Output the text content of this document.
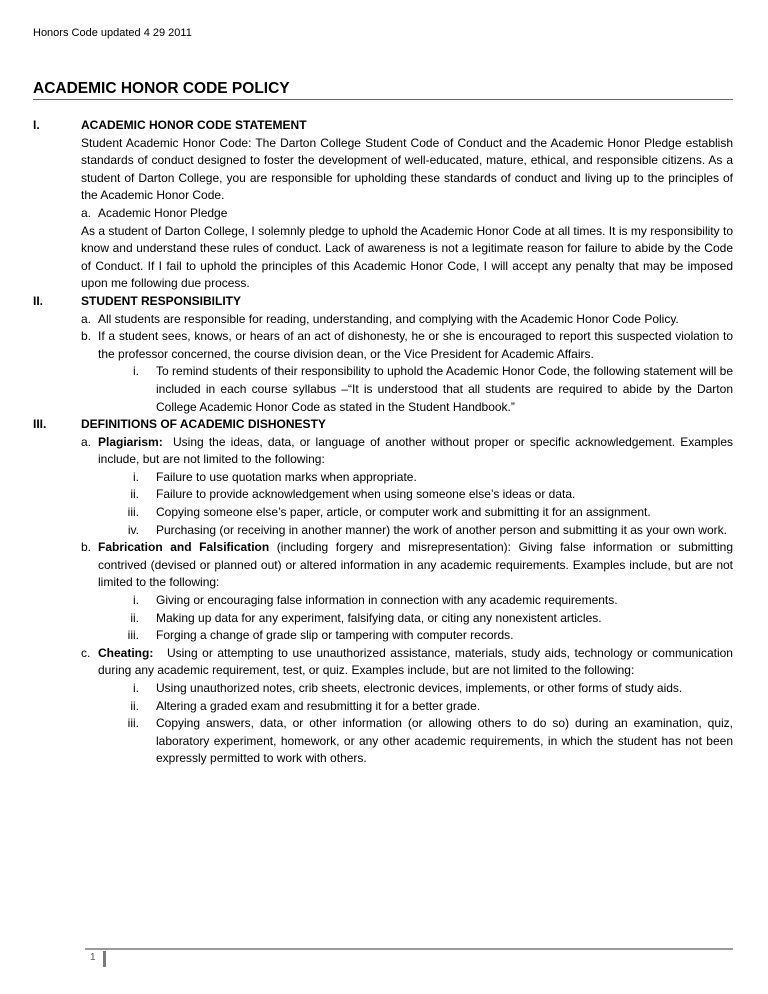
Honors Code updated 4 29 2011
ACADEMIC HONOR CODE POLICY
I.	ACADEMIC HONOR CODE STATEMENT

Student Academic Honor Code: The Darton College Student Code of Conduct and the Academic Honor Pledge establish standards of conduct designed to foster the development of well-educated, mature, ethical, and responsible citizens. As a student of Darton College, you are responsible for upholding these standards of conduct and living up to the principles of the Academic Honor Code.

a. Academic Honor Pledge

As a student of Darton College, I solemnly pledge to uphold the Academic Honor Code at all times. It is my responsibility to know and understand these rules of conduct. Lack of awareness is not a legitimate reason for failure to abide by the Code of Conduct. If I fail to uphold the principles of this Academic Honor Code, I will accept any penalty that may be imposed upon me following due process.

II.	STUDENT RESPONSIBILITY
a. All students are responsible for reading, understanding, and complying with the Academic Honor Code Policy.
b. If a student sees, knows, or hears of an act of dishonesty, he or she is encouraged to report this suspected violation to the professor concerned, the course division dean, or the Vice President for Academic Affairs.
i. To remind students of their responsibility to uphold the Academic Honor Code, the following statement will be included in each course syllabus –“It is understood that all students are required to abide by the Darton College Academic Honor Code as stated in the Student Handbook.”
III.	DEFINITIONS OF ACADEMIC DISHONESTY
a. Plagiarism: Using the ideas, data, or language of another without proper or specific acknowledgement. Examples include, but are not limited to the following:
i. Failure to use quotation marks when appropriate.
ii. Failure to provide acknowledgement when using someone else’s ideas or data.
iii. Copying someone else’s paper, article, or computer work and submitting it for an assignment.
iv. Purchasing (or receiving in another manner) the work of another person and submitting it as your own work.
b. Fabrication and Falsification (including forgery and misrepresentation): Giving false information or submitting contrived (devised or planned out) or altered information in any academic requirements. Examples include, but are not limited to the following:
i. Giving or encouraging false information in connection with any academic requirements.
ii. Making up data for any experiment, falsifying data, or citing any nonexistent articles.
iii. Forging a change of grade slip or tampering with computer records.
c. Cheating: Using or attempting to use unauthorized assistance, materials, study aids, technology or communication during any academic requirement, test, or quiz. Examples include, but are not limited to the following:
i. Using unauthorized notes, crib sheets, electronic devices, implements, or other forms of study aids.
ii. Altering a graded exam and resubmitting it for a better grade.
iii. Copying answers, data, or other information (or allowing others to do so) during an examination, quiz, laboratory experiment, homework, or any other academic requirements, in which the student has not been expressly permitted to work with others.
1
